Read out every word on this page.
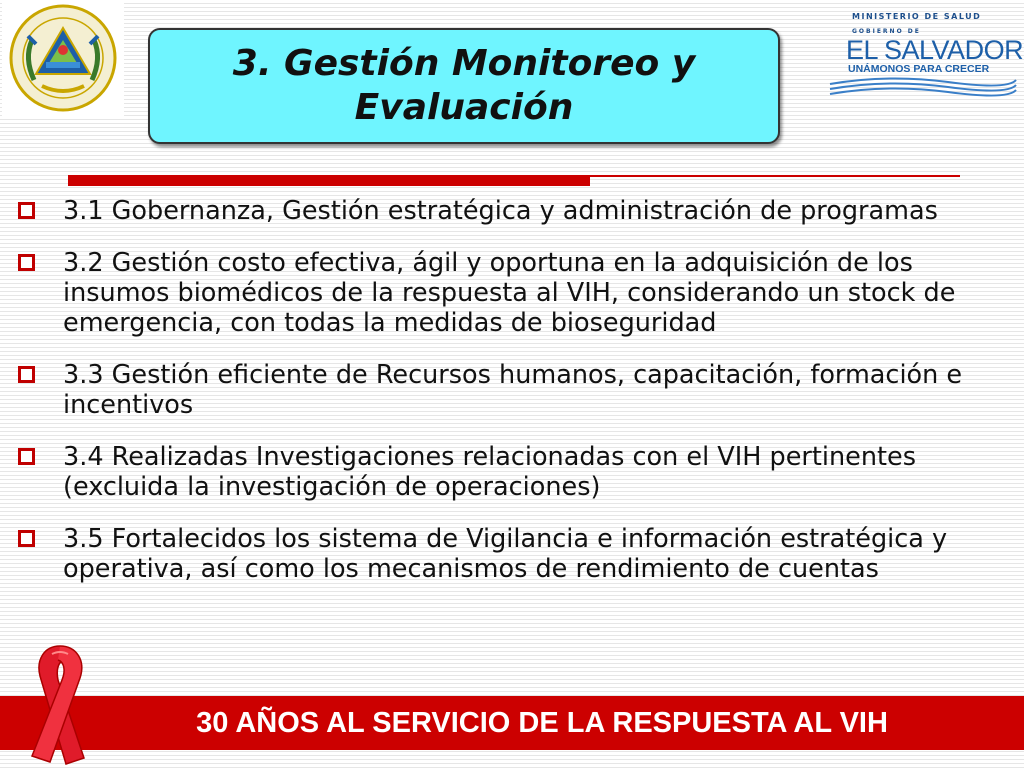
MINISTERIO DE SALUD
GOBIERNO DE
EL SALVADOR
UNÁMONOS PARA CRECER
3. Gestión Monitoreo y
Evaluación
3.1 Gobernanza, Gestión estratégica y administración de programas
3.2 Gestión costo efectiva, ágil y oportuna en la adquisición de los insumos biomédicos de la respuesta al VIH, considerando un stock de emergencia, con todas la medidas de bioseguridad
3.3 Gestión eficiente de Recursos humanos, capacitación, formación e incentivos
3.4 Realizadas Investigaciones relacionadas con el VIH pertinentes (excluida la investigación de operaciones)
3.5 Fortalecidos los sistema de Vigilancia e información estratégica y operativa, así como los mecanismos de rendimiento de cuentas
30 AÑOS AL SERVICIO DE LA RESPUESTA AL VIH
